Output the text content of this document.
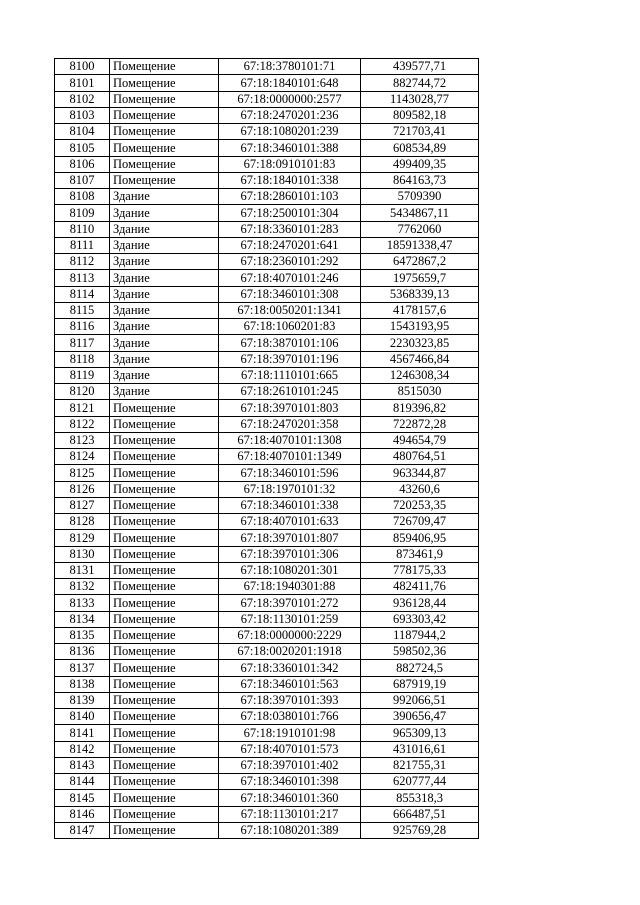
8100	Помещение	67:18:3780101:71	439577,71
8101	Помещение	67:18:1840101:648	882744,72
8102	Помещение	67:18:0000000:2577	1143028,77
8103	Помещение	67:18:2470201:236	809582,18
8104	Помещение	67:18:1080201:239	721703,41
8105	Помещение	67:18:3460101:388	608534,89
8106	Помещение	67:18:0910101:83	499409,35
8107	Помещение	67:18:1840101:338	864163,73
8108	Здание	67:18:2860101:103	5709390
8109	Здание	67:18:2500101:304	5434867,11
8110	Здание	67:18:3360101:283	7762060
8111	Здание	67:18:2470201:641	18591338,47
8112	Здание	67:18:2360101:292	6472867,2
8113	Здание	67:18:4070101:246	1975659,7
8114	Здание	67:18:3460101:308	5368339,13
8115	Здание	67:18:0050201:1341	4178157,6
8116	Здание	67:18:1060201:83	1543193,95
8117	Здание	67:18:3870101:106	2230323,85
8118	Здание	67:18:3970101:196	4567466,84
8119	Здание	67:18:1110101:665	1246308,34
8120	Здание	67:18:2610101:245	8515030
8121	Помещение	67:18:3970101:803	819396,82
8122	Помещение	67:18:2470201:358	722872,28
8123	Помещение	67:18:4070101:1308	494654,79
8124	Помещение	67:18:4070101:1349	480764,51
8125	Помещение	67:18:3460101:596	963344,87
8126	Помещение	67:18:1970101:32	43260,6
8127	Помещение	67:18:3460101:338	720253,35
8128	Помещение	67:18:4070101:633	726709,47
8129	Помещение	67:18:3970101:807	859406,95
8130	Помещение	67:18:3970101:306	873461,9
8131	Помещение	67:18:1080201:301	778175,33
8132	Помещение	67:18:1940301:88	482411,76
8133	Помещение	67:18:3970101:272	936128,44
8134	Помещение	67:18:1130101:259	693303,42
8135	Помещение	67:18:0000000:2229	1187944,2
8136	Помещение	67:18:0020201:1918	598502,36
8137	Помещение	67:18:3360101:342	882724,5
8138	Помещение	67:18:3460101:563	687919,19
8139	Помещение	67:18:3970101:393	992066,51
8140	Помещение	67:18:0380101:766	390656,47
8141	Помещение	67:18:1910101:98	965309,13
8142	Помещение	67:18:4070101:573	431016,61
8143	Помещение	67:18:3970101:402	821755,31
8144	Помещение	67:18:3460101:398	620777,44
8145	Помещение	67:18:3460101:360	855318,3
8146	Помещение	67:18:1130101:217	666487,51
8147	Помещение	67:18:1080201:389	925769,28
